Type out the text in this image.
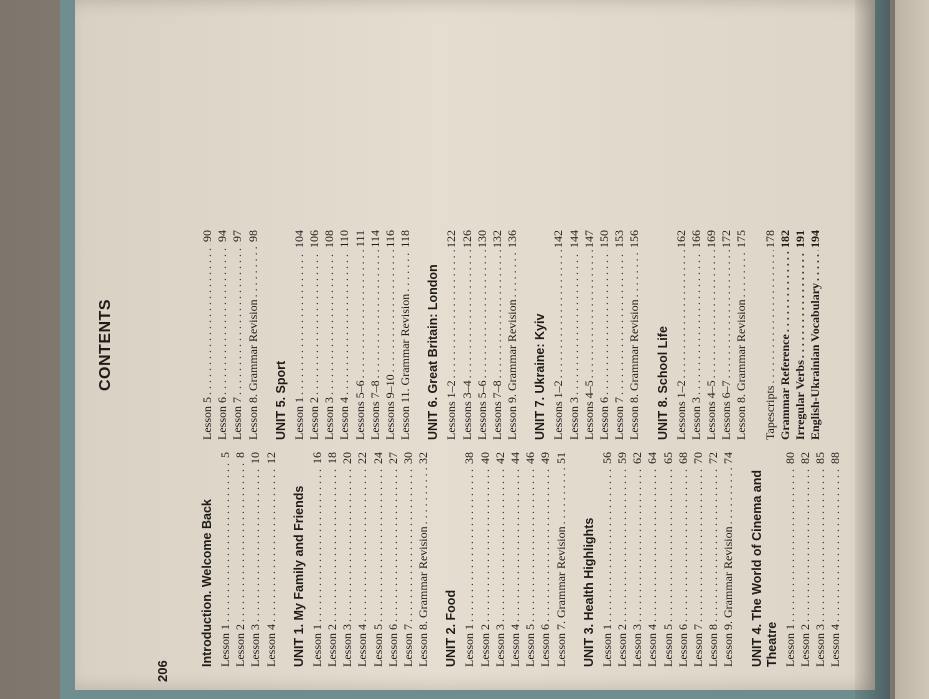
CONTENTS
206
Introduction. Welcome Back Lesson 1
. . .
5
Lesson 2
. . .
8
Lesson 3
. . .
10
Lesson 4
. . .
12
UNIT 1. My Family and Friends Lesson 1
. . .
16
Lesson 2
. . .
18
Lesson 3
. . .
20
Lesson 4
. . .
22
Lesson 5
. . .
24
Lesson 6
. . .
27
Lesson 7
. . .
30
Lesson 8. Grammar Revision
. . .
32
UNIT 2. Food Lesson 1
. . .
38
Lesson 2
. . .
40
Lesson 3
. . .
42
Lesson 4
. . .
44
Lesson 5
. . .
46
Lesson 6
. . .
49
Lesson 7. Grammar Revision
. . .
51
UNIT 3. Health Highlights Lesson 1
. . .
56
Lesson 2
. . .
59
Lesson 3
. . .
62
Lesson 4
. . .
64
Lesson 5
. . .
65
Lesson 6
. . .
68
Lesson 7
. . .
70
Lesson 8
. . .
72
Lesson 9. Grammar Revision
. . .
74
UNIT 4. The World of Cinema and Theatre Lesson 1
. . .
80
Lesson 2
. . .
82
Lesson 3
. . .
85
Lesson 4
. . .
88
Lesson 5
. . .
90
Lesson 6
. . .
94
Lesson 7
. . .
97
Lesson 8. Grammar Revision
. . .
98
UNIT 5. Sport Lesson 1
. . .
104
Lesson 2
. . .
106
Lesson 3
. . .
108
Lesson 4
. . .
110
Lessons 5–6
. . .
111
Lessons 7–8
. . .
114
Lessons 9–10
. . .
116
Lesson 11. Grammar Revision
. . .
118
UNIT 6. Great Britain: London Lessons 1–2
. . .
122
Lessons 3–4
. . .
126
Lessons 5–6
. . .
130
Lessons 7–8
. . .
132
Lesson 9. Grammar Revision
. . .
136
UNIT 7. Ukraine: Kyiv Lessons 1–2
. . .
142
Lesson 3
. . .
144
Lessons 4–5
. . .
147
Lesson 6
. . .
150
Lesson 7
. . .
153
Lesson 8. Grammar Revision
. . .
156
UNIT 8. School Life Lessons 1–2
. . .
162
Lesson 3
. . .
166
Lessons 4–5
. . .
169
Lessons 6–7
. . .
172
Lesson 8. Grammar Revision
. . .
175
Tapescripts
. . .
178
Grammar Reference
. . .
182
Irregular Verbs
. . .
191
English-Ukrainian Vocabulary
. . .
194
